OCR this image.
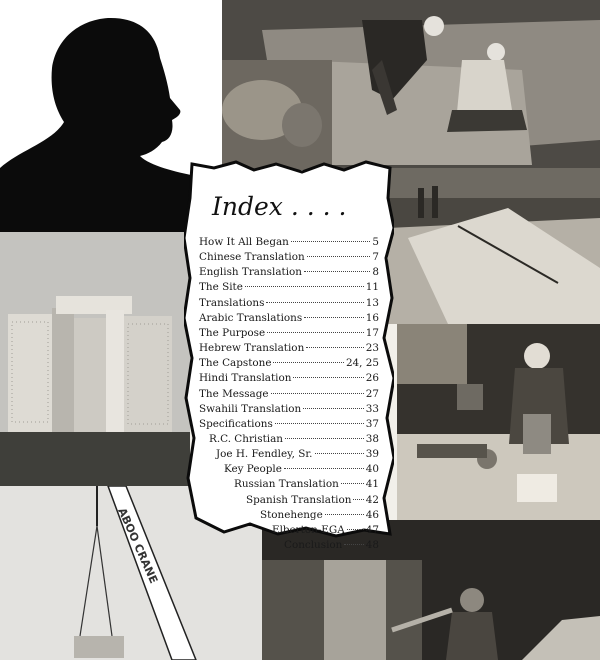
ABOO CRANE
Index . . . .
How It All Began	5
Chinese Translation	7
English Translation	8
The Site	11
Translations	13
Arabic Translations	16
The Purpose	17
Hebrew Translation	23
The Capstone	24, 25
Hindi Translation	26
The Message	27
Swahili Translation	33
Specifications	37
R.C. Christian	38
Joe H. Fendley, Sr.	39
Key People	40
Russian Translation	41
Spanish Translation 42
Stonehenge	46
Elberton-EGA 47
Conclusion 48
